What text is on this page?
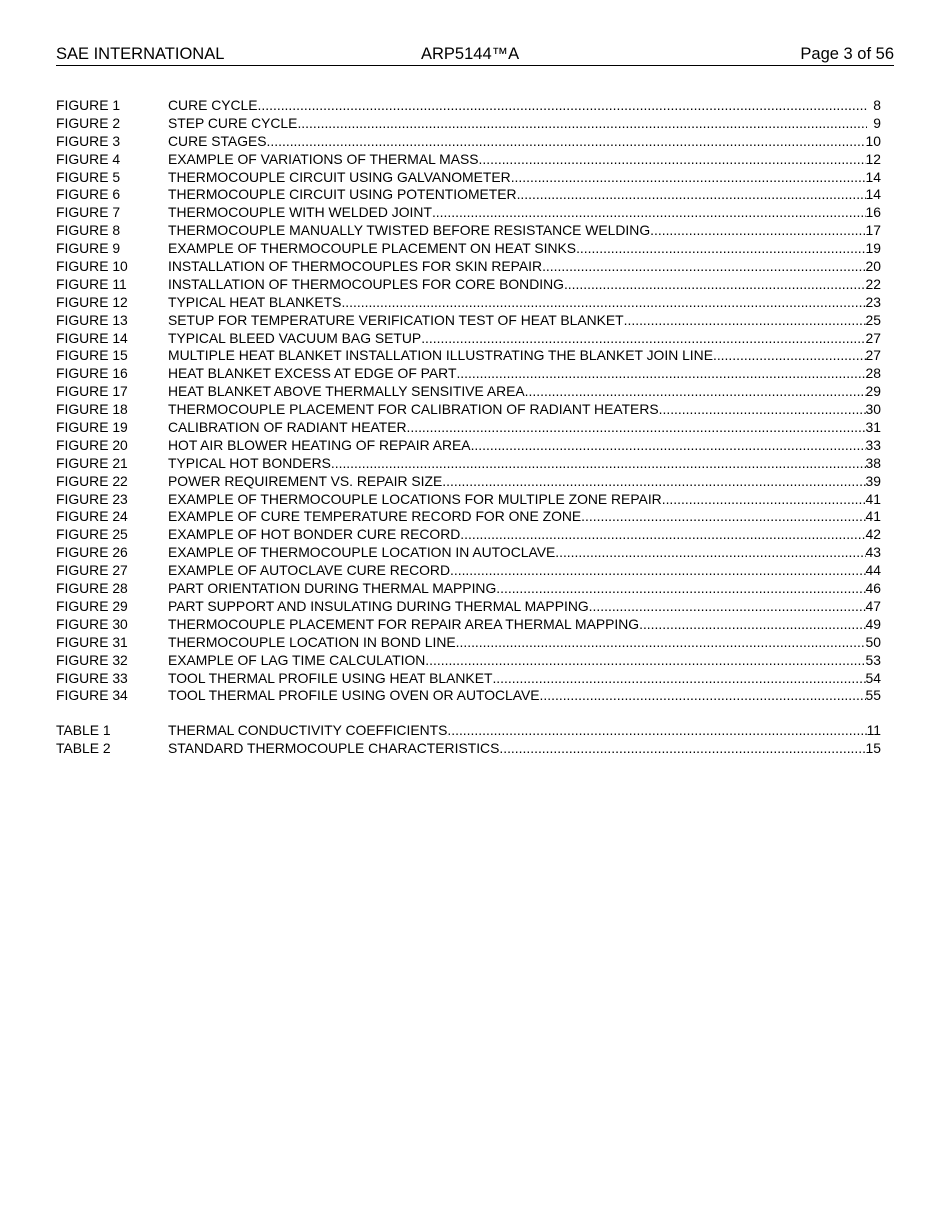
SAE INTERNATIONAL	ARP5144™A	Page 3 of 56
FIGURE 1	CURE CYCLE .....	8
FIGURE 2	STEP CURE CYCLE .....	9
FIGURE 3	CURE STAGES .....	10
FIGURE 4	EXAMPLE OF VARIATIONS OF THERMAL MASS .....	12
FIGURE 5	THERMOCOUPLE CIRCUIT USING GALVANOMETER .....	14
FIGURE 6	THERMOCOUPLE CIRCUIT USING POTENTIOMETER .....	14
FIGURE 7	THERMOCOUPLE WITH WELDED JOINT .....	16
FIGURE 8	THERMOCOUPLE MANUALLY TWISTED BEFORE RESISTANCE WELDING .....	17
FIGURE 9	EXAMPLE OF THERMOCOUPLE PLACEMENT ON HEAT SINKS .....	19
FIGURE 10	INSTALLATION OF THERMOCOUPLES FOR SKIN REPAIR .....	20
FIGURE 11	INSTALLATION OF THERMOCOUPLES FOR CORE BONDING .....	22
FIGURE 12	TYPICAL HEAT BLANKETS .....	23
FIGURE 13	SETUP FOR TEMPERATURE VERIFICATION TEST OF HEAT BLANKET .....	25
FIGURE 14	TYPICAL BLEED VACUUM BAG SETUP .....	27
FIGURE 15	MULTIPLE HEAT BLANKET INSTALLATION ILLUSTRATING THE BLANKET JOIN LINE .....	27
FIGURE 16	HEAT BLANKET EXCESS AT EDGE OF PART .....	28
FIGURE 17	HEAT BLANKET ABOVE THERMALLY SENSITIVE AREA .....	29
FIGURE 18	THERMOCOUPLE PLACEMENT FOR CALIBRATION OF RADIANT HEATERS .....	30
FIGURE 19	CALIBRATION OF RADIANT HEATER .....	31
FIGURE 20	HOT AIR BLOWER HEATING OF REPAIR AREA .....	33
FIGURE 21	TYPICAL HOT BONDERS .....	38
FIGURE 22	POWER REQUIREMENT VS. REPAIR SIZE .....	39
FIGURE 23	EXAMPLE OF THERMOCOUPLE LOCATIONS FOR MULTIPLE ZONE REPAIR .....	41
FIGURE 24	EXAMPLE OF CURE TEMPERATURE RECORD FOR ONE ZONE .....	41
FIGURE 25	EXAMPLE OF HOT BONDER CURE RECORD .....	42
FIGURE 26	EXAMPLE OF THERMOCOUPLE LOCATION IN AUTOCLAVE .....	43
FIGURE 27	EXAMPLE OF AUTOCLAVE CURE RECORD .....	44
FIGURE 28	PART ORIENTATION DURING THERMAL MAPPING .....	46
FIGURE 29	PART SUPPORT AND INSULATING DURING THERMAL MAPPING .....	47
FIGURE 30	THERMOCOUPLE PLACEMENT FOR REPAIR AREA THERMAL MAPPING .....	49
FIGURE 31	THERMOCOUPLE LOCATION IN BOND LINE .....	50
FIGURE 32	EXAMPLE OF LAG TIME CALCULATION .....	53
FIGURE 33	TOOL THERMAL PROFILE USING HEAT BLANKET .....	54
FIGURE 34	TOOL THERMAL PROFILE USING OVEN OR AUTOCLAVE .....	55
TABLE 1	THERMAL CONDUCTIVITY COEFFICIENTS .....	11
TABLE 2	STANDARD THERMOCOUPLE CHARACTERISTICS .....	15
